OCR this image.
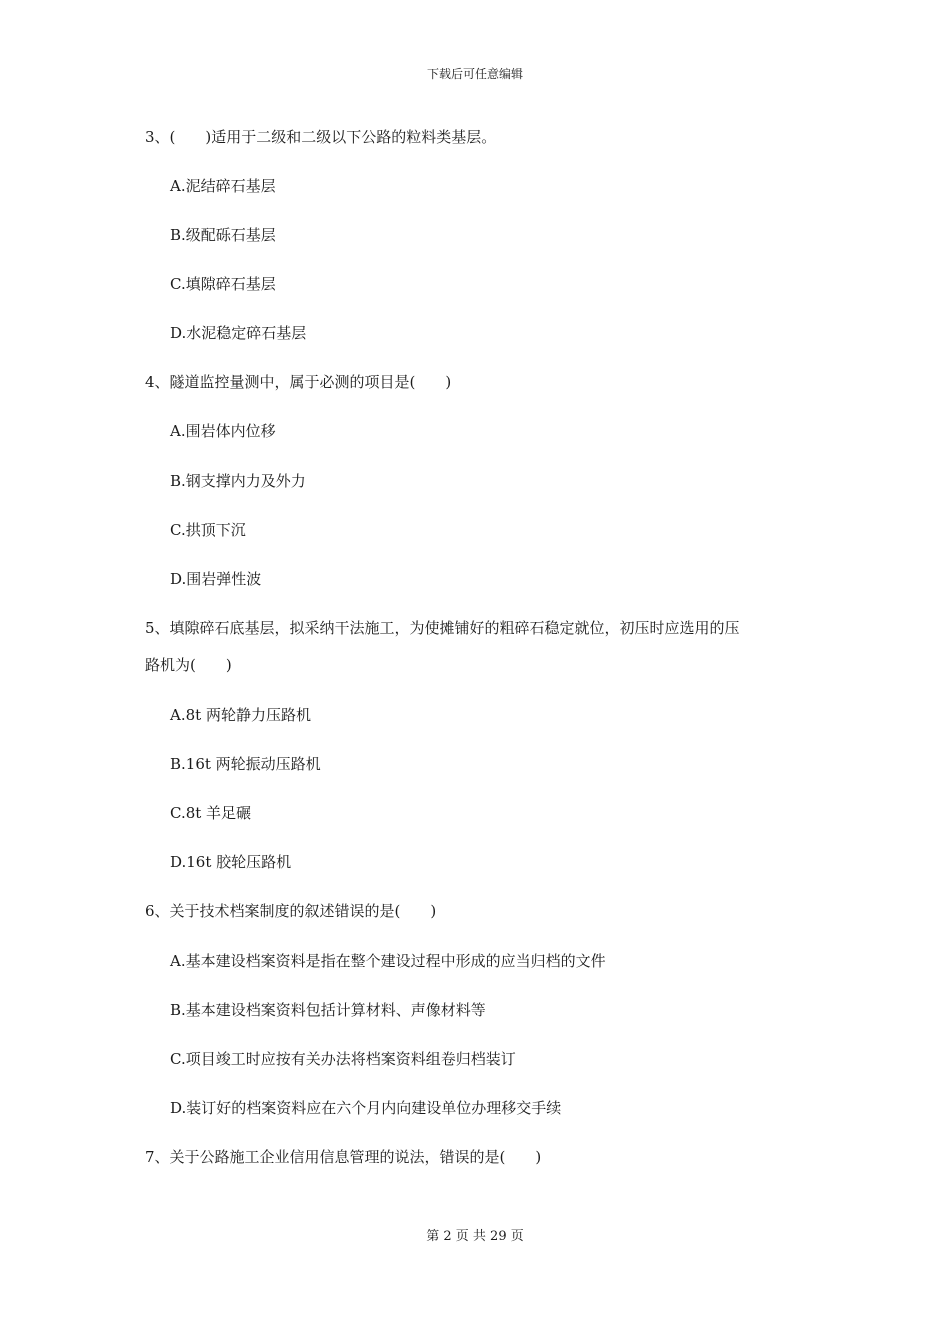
下载后可任意编辑
3、(　　)适用于二级和二级以下公路的粒料类基层。
A.泥结碎石基层
B.级配砾石基层
C.填隙碎石基层
D.水泥稳定碎石基层
4、隧道监控量测中，属于必测的项目是(　　)
A.围岩体内位移
B.钢支撑内力及外力
C.拱顶下沉
D.围岩弹性波
5、填隙碎石底基层，拟采纳干法施工，为使摊铺好的粗碎石稳定就位，初压时应选用的压
路机为(　　)
A.8t 两轮静力压路机
B.16t 两轮振动压路机
C.8t 羊足碾
D.16t 胶轮压路机
6、关于技术档案制度的叙述错误的是(　　)
A.基本建设档案资料是指在整个建设过程中形成的应当归档的文件
B.基本建设档案资料包括计算材料、声像材料等
C.项目竣工时应按有关办法将档案资料组卷归档装订
D.装订好的档案资料应在六个月内向建设单位办理移交手续
7、关于公路施工企业信用信息管理的说法，错误的是(　　)
第 2 页 共 29 页
